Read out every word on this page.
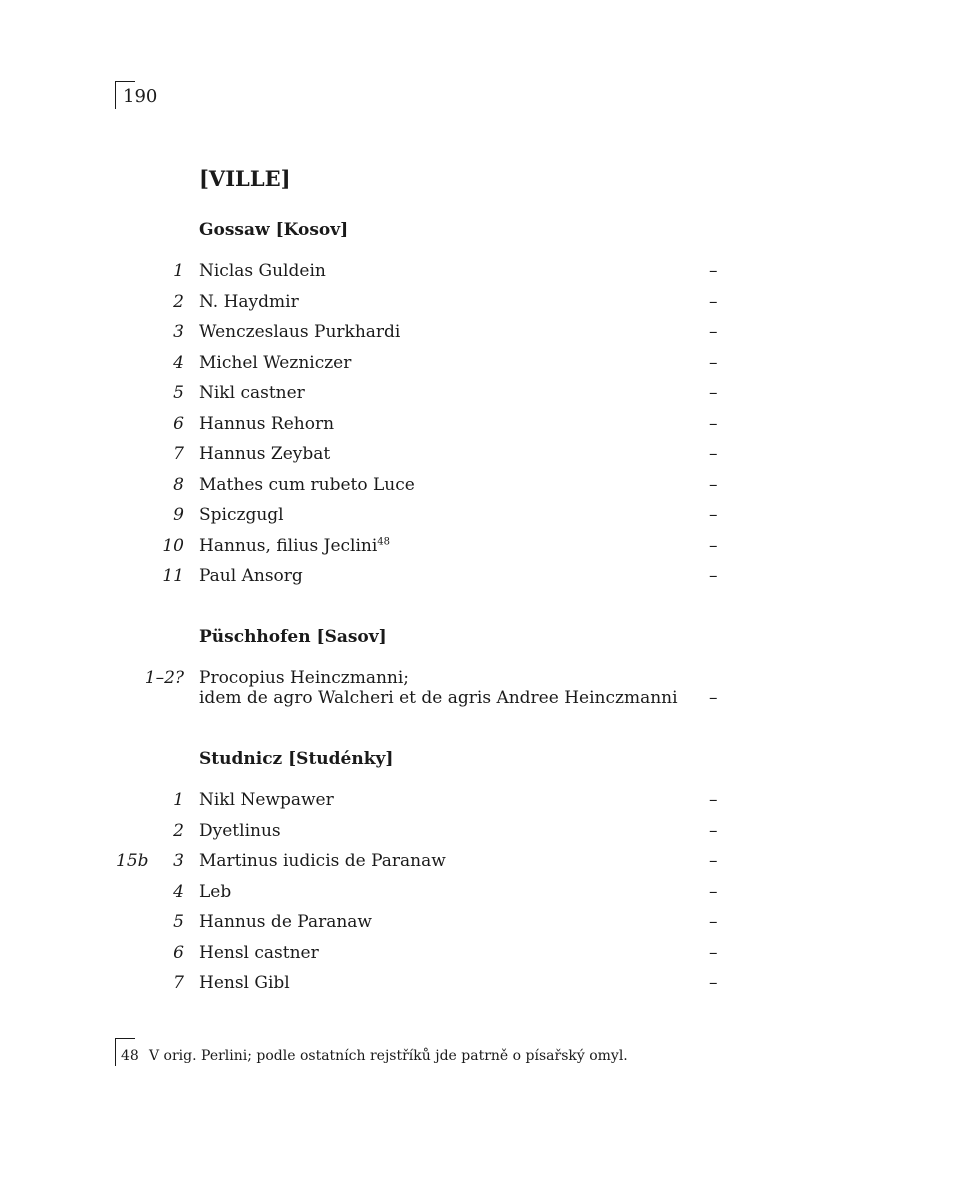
190
[VILLE]
Gossaw [Kosov]
1 Niclas Guldein	–
2 N. Haydmir	–
3 Wenczeslaus Purkhardi	–
4 Michel Wezniczer	–
5 Nikl castner	–
6 Hannus Rehorn	–
7 Hannus Zeybat	–
8 Mathes cum rubeto Luce	–
9 Spiczgugl	–
10 Hannus, filius Jeclini$^{48}$	–
11 Paul Ansorg	–
Püschhofen [Sasov]
1–2? Procopius Heinczmanni;
idem de agro Walcheri et de agris Andree Heinczmanni –
Studnicz [Studénky]
1 Nikl Newpawer	–
2 Dyetlinus	–
15b 3 Martinus iudicis de Paranaw	–
4 Leb	–
5 Hannus de Paranaw	–
6 Hensl castner	–
7 Hensl Gibl	–
48 V orig. Perlini; podle ostatních rejstříků jde patrně o písařský omyl.
